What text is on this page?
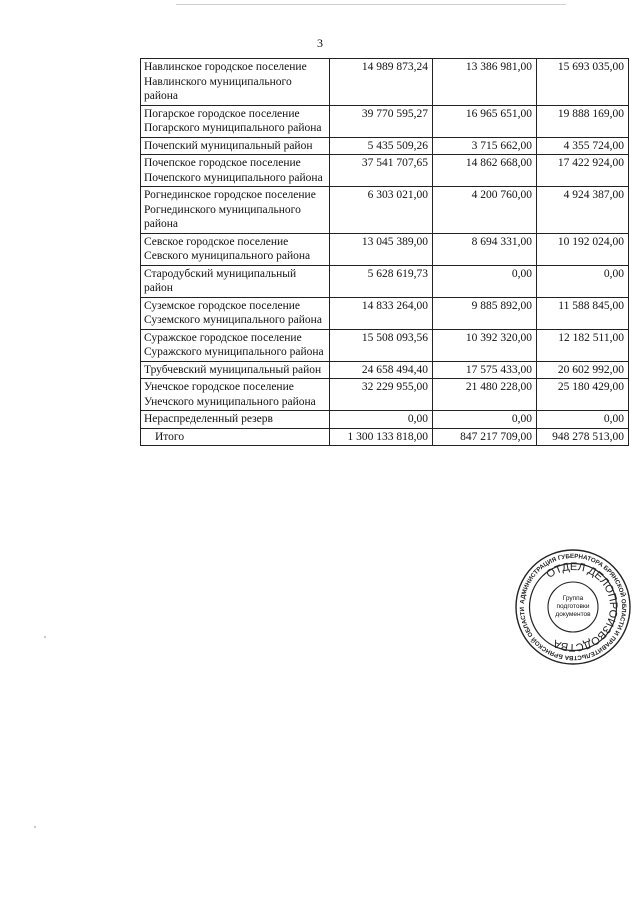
3
Навлинское городское поселение Навлинского муниципального района	14 989 873,24	13 386 981,00	15 693 035,00
Погарское городское поселение Погарского муниципального района	39 770 595,27	16 965 651,00	19 888 169,00
Почепский муниципальный район	5 435 509,26	3 715 662,00	4 355 724,00
Почепское городское поселение Почепского муниципального района	37 541 707,65	14 862 668,00	17 422 924,00
Рогнединское городское поселение Рогнединского муниципального района	6 303 021,00	4 200 760,00	4 924 387,00
Севское городское поселение Севского муниципального района	13 045 389,00	8 694 331,00	10 192 024,00
Стародубский муниципальный район	5 628 619,73	0,00	0,00
Суземское городское поселение Суземского муниципального района	14 833 264,00	9 885 892,00	11 588 845,00
Суражское городское поселение Суражского муниципального района	15 508 093,56	10 392 320,00	12 182 511,00
Трубчевский муниципальный район	24 658 494,40	17 575 433,00	20 602 992,00
Унечское городское поселение Унечского муниципального района	32 229 955,00	21 480 228,00	25 180 429,00
Нераспределенный резерв	0,00	0,00	0,00
Итого	1 300 133 818,00	847 217 709,00	948 278 513,00
АДМИНИСТРАЦИЯ ГУБЕРНАТОРА БРЯНСКОЙ ОБЛАСТИ И ПРАВИТЕЛЬСТВА БРЯНСКОЙ ОБЛАСТИ
ОТДЕЛ ДЕЛОПРОИЗВОДСТВА
Группа
подготовки
документов
